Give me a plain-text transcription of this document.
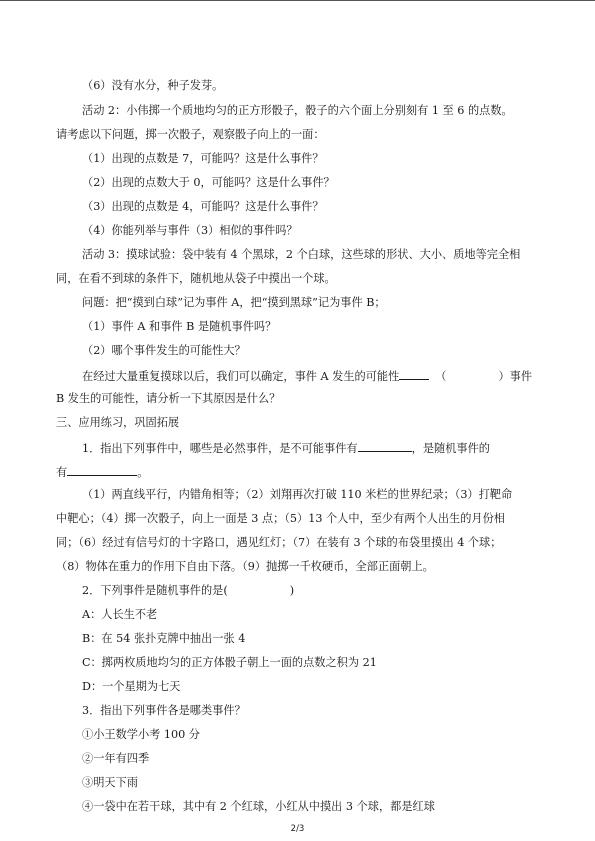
（6）没有水分，种子发芽。
活动 2：小伟掷一个质地均匀的正方形骰子，骰子的六个面上分别刻有 1 至 6 的点数。
请考虑以下问题，掷一次骰子，观察骰子向上的一面：
（1）出现的点数是 7，可能吗？这是什么事件？
（2）出现的点数大于 0，可能吗？这是什么事件？
（3）出现的点数是 4，可能吗？这是什么事件？
（4）你能列举与事件（3）相似的事件吗？
活动 3：摸球试验：袋中装有 4 个黑球，2 个白球，这些球的形状、大小、质地等完全相
同，在看不到球的条件下，随机地从袋子中摸出一个球。
问题：把“摸到白球”记为事件 A，把“摸到黑球”记为事件 B；
（1）事件 A 和事件 B 是随机事件吗？
（2）哪个事件发生的可能性大？
在经过大量重复摸球以后，我们可以确定，事件 A 发生的可能性	（	）事件
B 发生的可能性，请分析一下其原因是什么？
三、应用练习，巩固拓展
1．指出下列事件中，哪些是必然事件，是不可能事件有	，是随机事件的
有	。
（1）两直线平行，内错角相等；（2）刘翔再次打破 110 米栏的世界纪录；（3）打靶命
中靶心；（4）掷一次骰子，向上一面是 3 点；（5）13 个人中，至少有两个人出生的月份相
同；（6）经过有信号灯的十字路口，遇见红灯；（7）在装有 3 个球的布袋里摸出 4 个球；
（8）物体在重力的作用下自由下落。（9）抛掷一千枚硬币，全部正面朝上。
2．下列事件是随机事件的是(	)
A：人长生不老
B：在 54 张扑克牌中抽出一张 4
C：掷两枚质地均匀的正方体骰子朝上一面的点数之积为 21
D：一个星期为七天
3．指出下列事件各是哪类事件？
①小王数学小考 100 分
②一年有四季
③明天下雨
④一袋中在若干球，其中有 2 个红球，小红从中摸出 3 个球，都是红球
2/3
